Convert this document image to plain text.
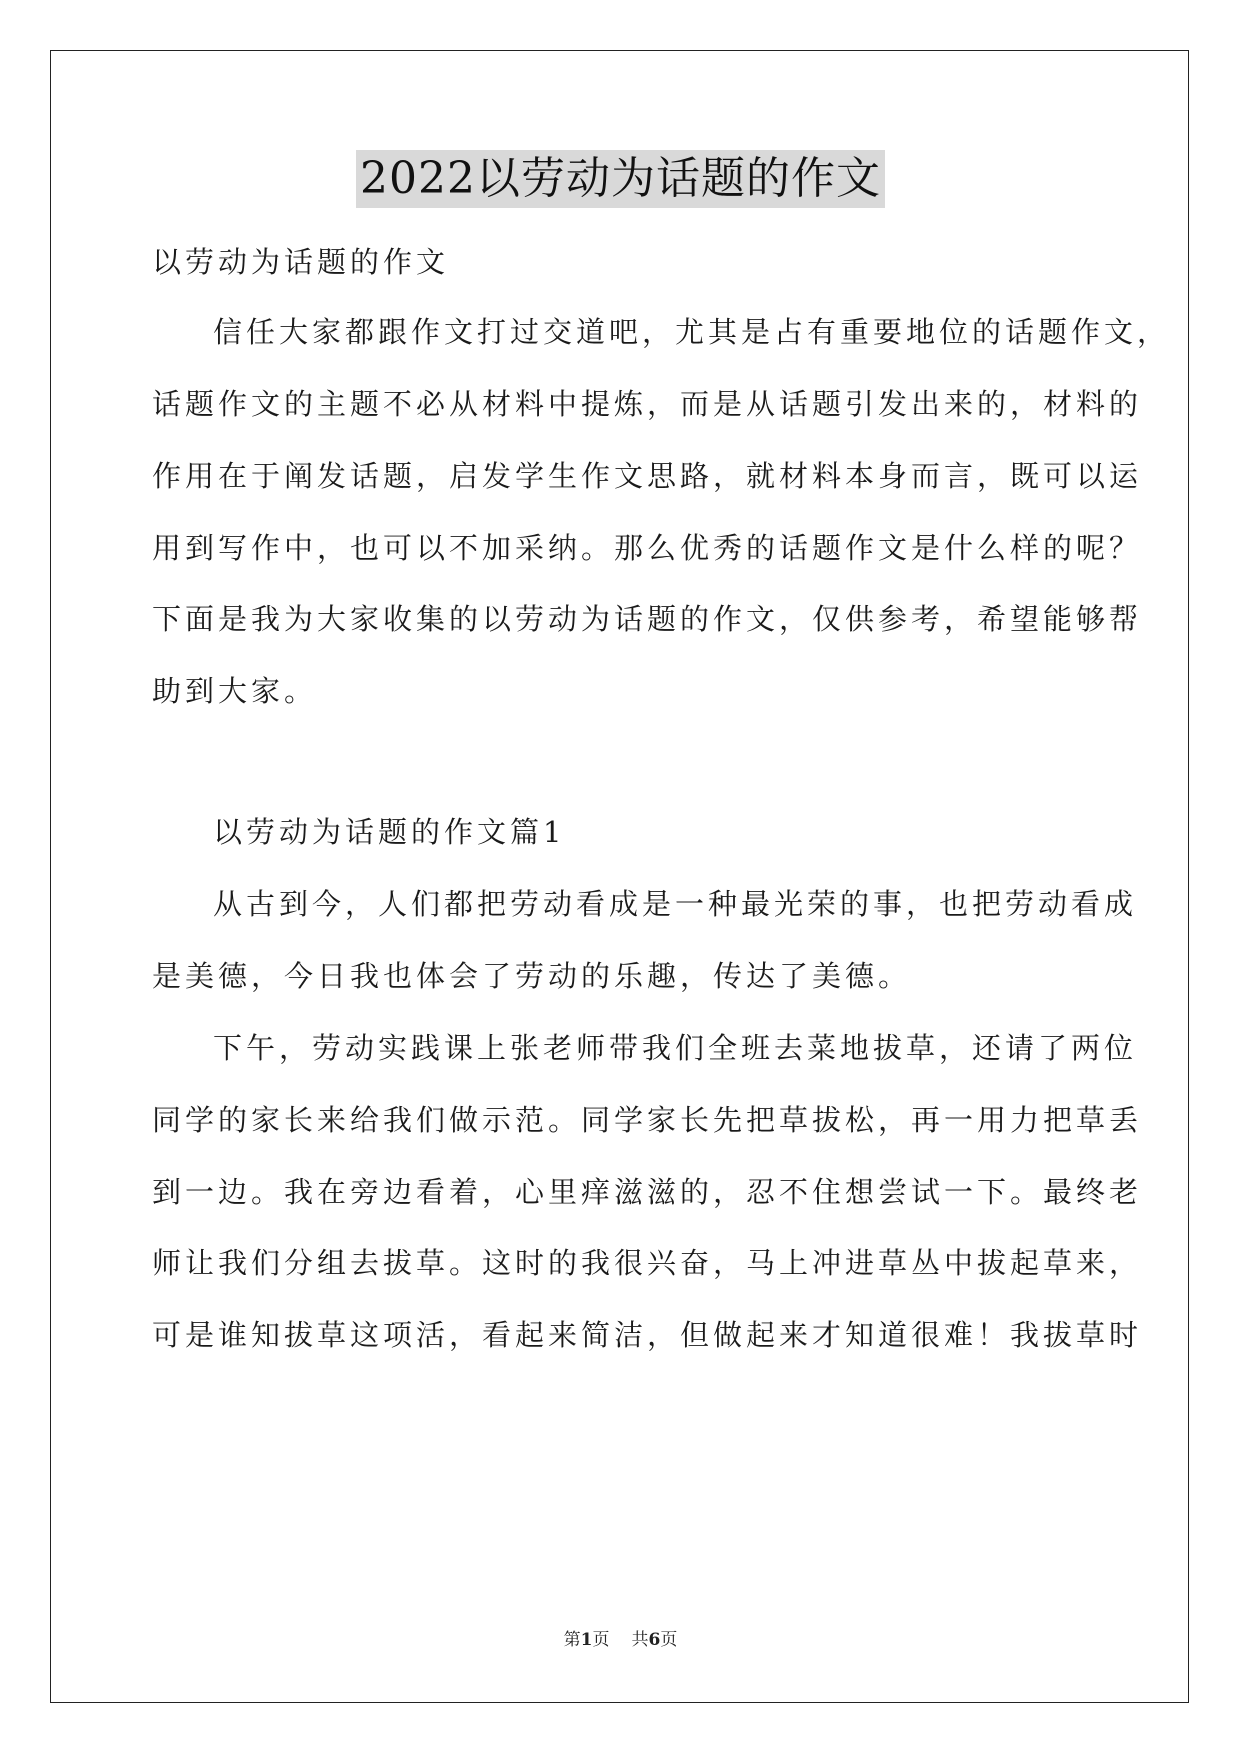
2022以劳动为话题的作文
以劳动为话题的作文
信任大家都跟作文打过交道吧，尤其是占有重要地位的话题作文，
话题作文的主题不必从材料中提炼，而是从话题引发出来的，材料的
作用在于阐发话题，启发学生作文思路，就材料本身而言，既可以运
用到写作中，也可以不加采纳。那么优秀的话题作文是什么样的呢？
下面是我为大家收集的以劳动为话题的作文，仅供参考，希望能够帮
助到大家。
以劳动为话题的作文篇1
从古到今，人们都把劳动看成是一种最光荣的事，也把劳动看成
是美德，今日我也体会了劳动的乐趣，传达了美德。
下午，劳动实践课上张老师带我们全班去菜地拔草，还请了两位
同学的家长来给我们做示范。同学家长先把草拔松，再一用力把草丢
到一边。我在旁边看着，心里痒滋滋的，忍不住想尝试一下。最终老
师让我们分组去拔草。这时的我很兴奋，马上冲进草丛中拔起草来，
可是谁知拔草这项活，看起来简洁，但做起来才知道很难！我拔草时
第1页 共6页
